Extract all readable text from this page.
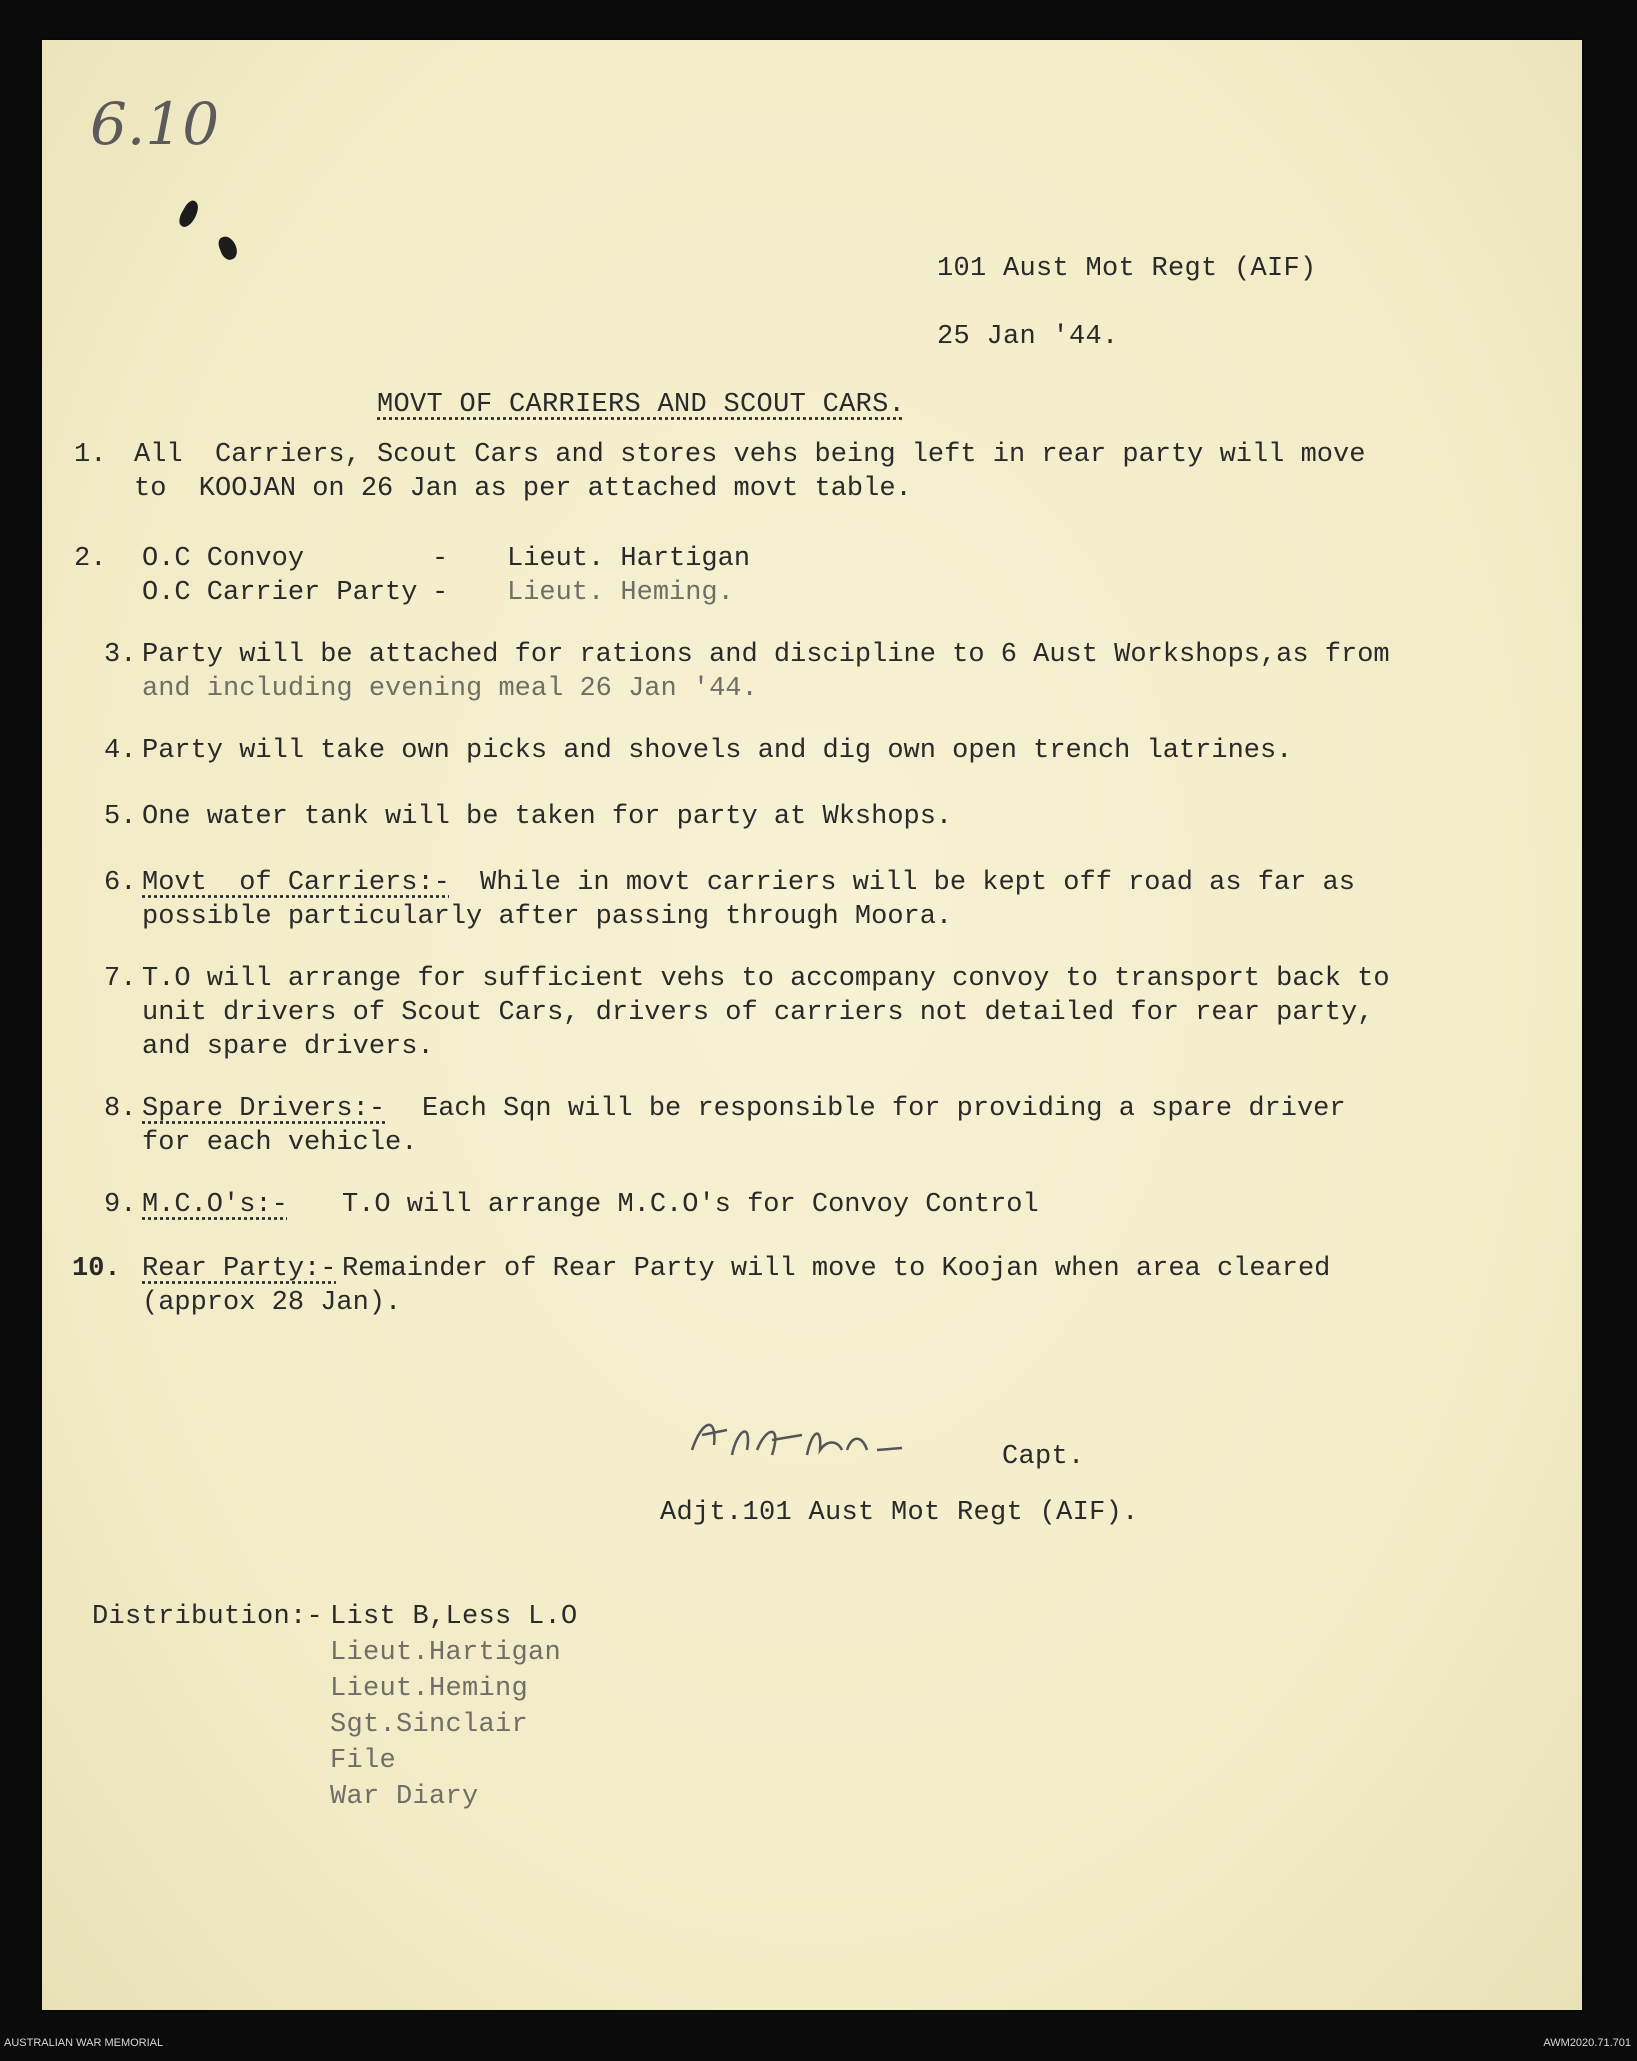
6.10
101 Aust Mot Regt (AIF)
25 Jan '44.
MOVT OF CARRIERS AND SCOUT CARS.
1. All  Carriers, Scout Cars and stores vehs being left in rear party will move
to  KOOJAN on 26 Jan as per attached movt table.
2. O.C Convoy	- Lieut. Hartigan
O.C Carrier Party - Lieut. Heming.
3. Party will be attached for rations and discipline to 6 Aust Workshops,as from
and including evening meal 26 Jan '44.
4. Party will take own picks and shovels and dig own open trench latrines.
5. One water tank will be taken for party at Wkshops.
6. Movt  of Carriers:- While in movt carriers will be kept off road as far as
possible particularly after passing through Moora.
7. T.O will arrange for sufficient vehs to accompany convoy to transport back to
unit drivers of Scout Cars, drivers of carriers not detailed for rear party,
and spare drivers.
8. Spare Drivers:- Each Sqn will be responsible for providing a spare driver
for each vehicle.
9. M.C.O's:- T.O will arrange M.C.O's for Convoy Control
10. Rear Party:- Remainder of Rear Party will move to Koojan when area cleared
(approx 28 Jan).
Capt.
Adjt.101 Aust Mot Regt (AIF).
Distribution:- List B,Less L.O
Lieut.Hartigan
Lieut.Heming
Sgt.Sinclair
File
War Diary
AUSTRALIAN WAR MEMORIAL	AWM2020.71.701
